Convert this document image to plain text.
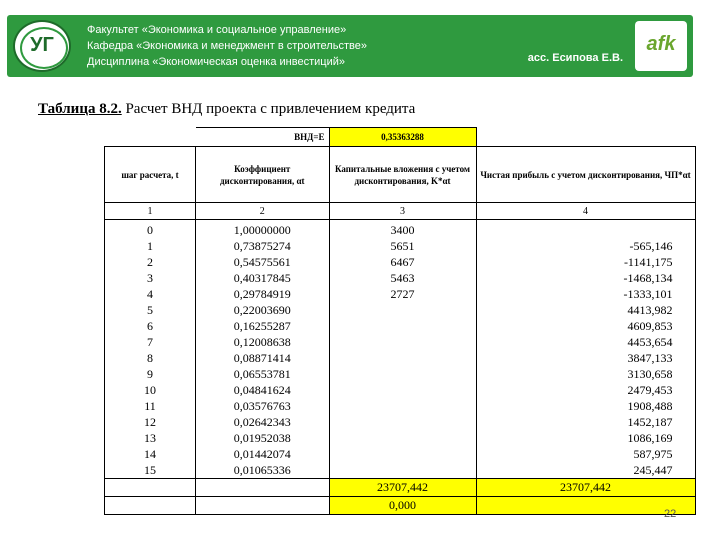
УГ
Факультет «Экономика и социальное управление»
Кафедра «Экономика и менеджмент в строительстве»
Дисциплина «Экономическая оценка инвестиций»	асс. Есипова Е.В.
afk
Таблица 8.2. Расчет ВНД проекта с привлечением кредита
	ВНД=Е	0,35363288	
шаг расчета, t	Коэффициент дисконтирования, αt	Капитальные вложения с учетом дисконтирования, K*αt	Чистая прибыль с учетом дисконтирования, ЧП*αt
1	2	3	4
0	1,00000000	3400	
1	0,73875274	5651	-565,146
2	0,54575561	6467	-1141,175
3	0,40317845	5463	-1468,134
4	0,29784919	2727	-1333,101
5	0,22003690		4413,982
6	0,16255287		4609,853
7	0,12008638		4453,654
8	0,08871414		3847,133
9	0,06553781		3130,658
10	0,04841624		2479,453
11	0,03576763		1908,488
12	0,02642343		1452,187
13	0,01952038		1086,169
14	0,01442074		587,975
15	0,01065336		245,447
		23707,442	23707,442
		0,000	
22
